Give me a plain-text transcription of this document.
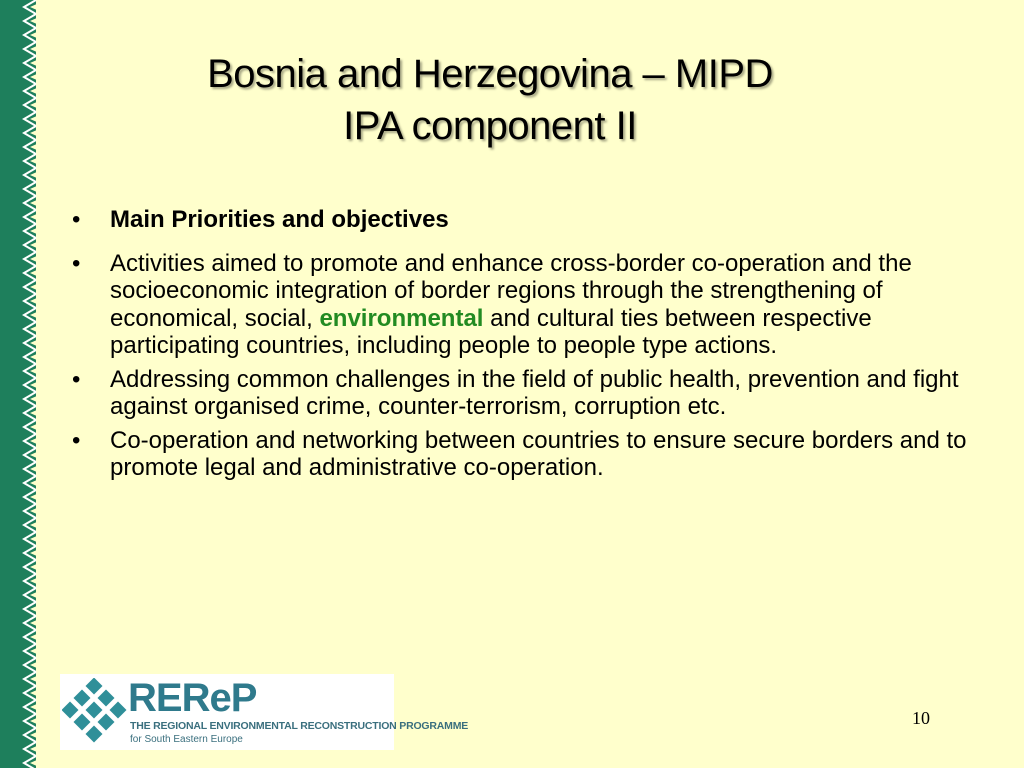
Bosnia and Herzegovina – MIPD
IPA component II
• Main Priorities and objectives
• Activities aimed to promote and enhance cross-border co-operation and the socioeconomic integration of border regions through the strengthening of economical, social, environmental and cultural ties between respective participating countries, including people to people type actions.
• Addressing common challenges in the field of public health, prevention and fight against organised crime, counter-terrorism, corruption etc.
• Co-operation and networking between countries to ensure secure borders and to promote legal and administrative co-operation.
REReP
THE REGIONAL ENVIRONMENTAL RECONSTRUCTION PROGRAMME
for South Eastern Europe
10
